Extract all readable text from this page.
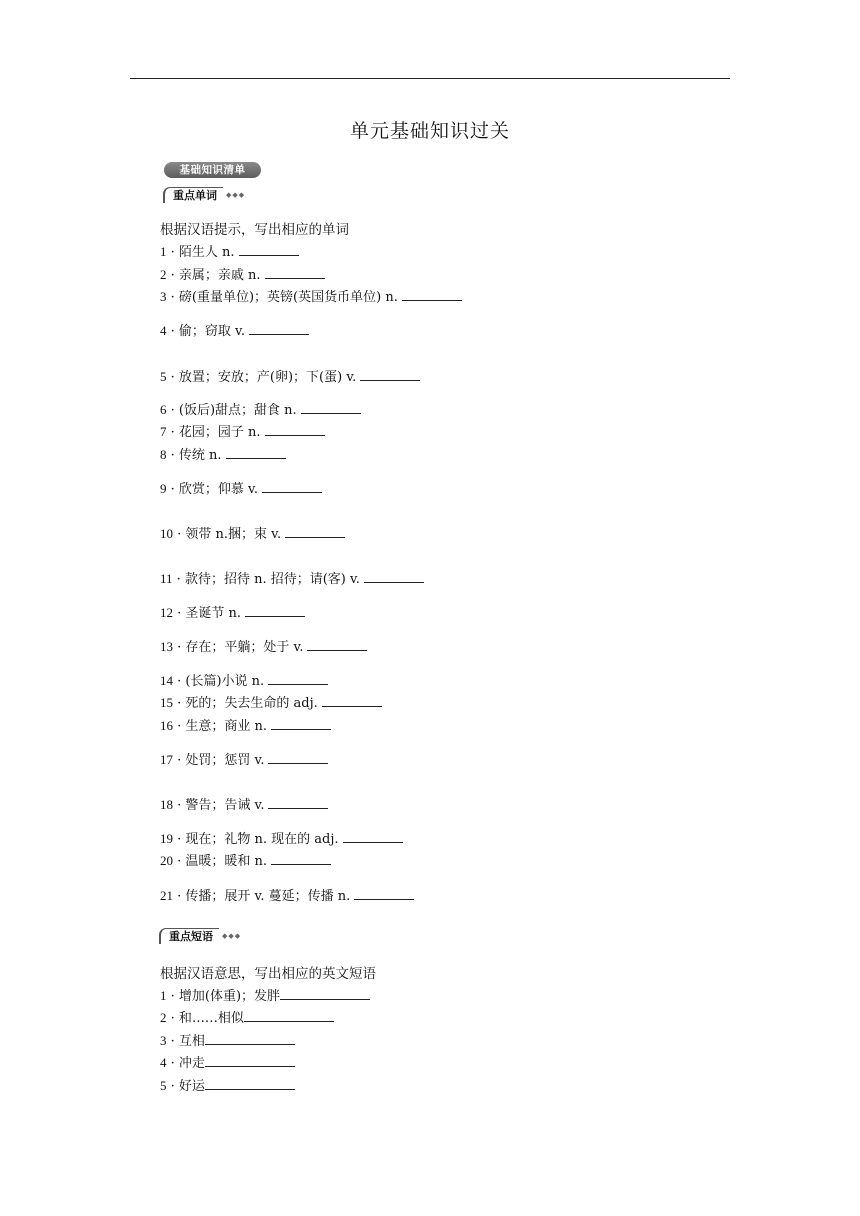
单元基础知识过关
基础知识清单
重点单词	◆◆◆
根据汉语提示，写出相应的单词
1 · 陌生人 n.
2 · 亲属；亲戚 n.
3 · 磅(重量单位)；英镑(英国货币单位) n.
4 · 偷；窃取 v.
5 · 放置；安放；产(卵)；下(蛋) v.
6 · (饭后)甜点；甜食 n.
7 · 花园；园子 n.
8 · 传统 n.
9 · 欣赏；仰慕 v.
10 · 领带 n.捆；束 v.
11 · 款待；招待 n. 招待；请(客) v.
12 · 圣诞节 n.
13 · 存在；平躺；处于 v.
14 · (长篇)小说 n.
15 · 死的；失去生命的 adj.
16 · 生意；商业 n.
17 · 处罚；惩罚 v.
18 · 警告；告诫 v.
19 · 现在；礼物 n. 现在的 adj.
20 · 温暖；暖和 n.
21 · 传播；展开 v. 蔓延；传播 n.
重点短语	◆◆◆
根据汉语意思，写出相应的英文短语
1 · 增加(体重)；发胖
2 · 和……相似
3 · 互相
4 · 冲走
5 · 好运
